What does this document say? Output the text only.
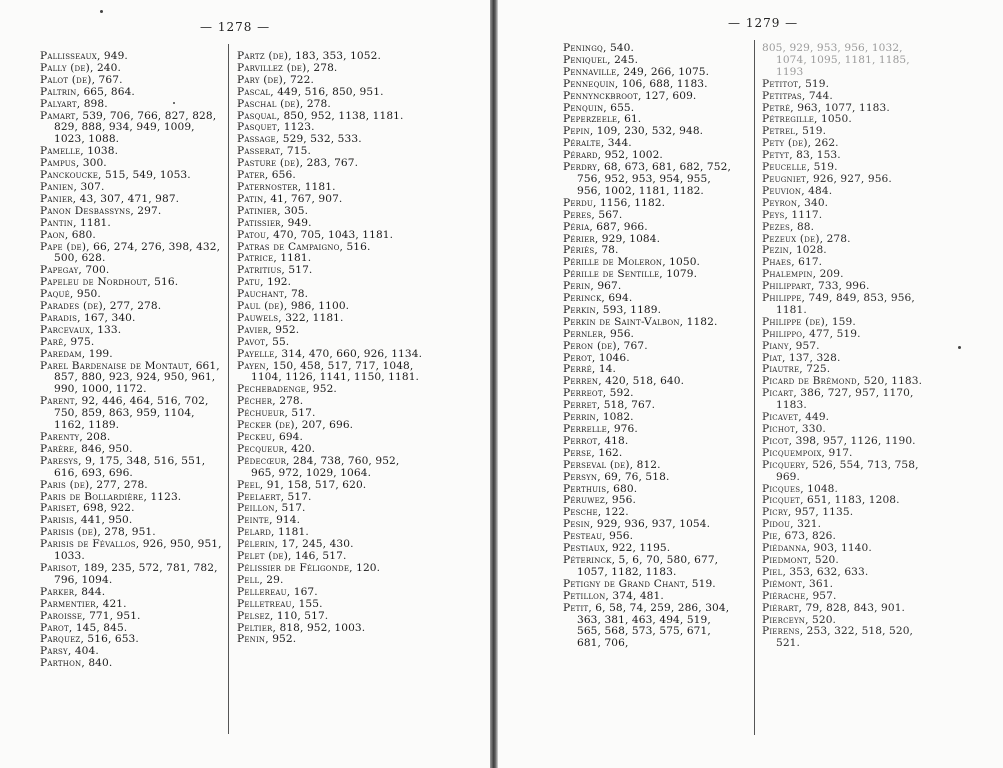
— 1278 —
Pallisseaux, 949.
Pally (de), 240.
Palot (de), 767.
Paltrin, 665, 864.
Palyart, 898.
Pamart, 539, 706, 766, 827, 828, 829, 888, 934, 949, 1009, 1023, 1088.
Pamelle, 1038.
Pampus, 300.
Panckoucke, 515, 549, 1053.
Panien, 307.
Panier, 43, 307, 471, 987.
Panon Desbassyns, 297.
Pantin, 1181.
Paon, 680.
Pape (de), 66, 274, 276, 398, 432, 500, 628.
Papegay, 700.
Papeleu de Nordhout, 516.
Paqué, 950.
Parades (de), 277, 278.
Paradis, 167, 340.
Parcevaux, 133.
Paré, 975.
Paredam, 199.
Parel Bardenaise de Montaut, 661, 857, 880, 923, 924, 950, 961, 990, 1000, 1172.
Parent, 92, 446, 464, 516, 702, 750, 859, 863, 959, 1104, 1162, 1189.
Parenty, 208.
Parère, 846, 950.
Paresys, 9, 175, 348, 516, 551, 616, 693, 696.
Paris (de), 277, 278.
Paris de Bollardière, 1123.
Pariset, 698, 922.
Parisis, 441, 950.
Parisis (de), 278, 951.
Parisis de Févallos, 926, 950, 951, 1033.
Parisot, 189, 235, 572, 781, 782, 796, 1094.
Parker, 844.
Parmentier, 421.
Paroisse, 771, 951.
Parot, 145, 845.
Parquez, 516, 653.
Parsy, 404.
Parthon, 840.
Partz (de), 183, 353, 1052.
Parvillez (de), 278.
Pary (de), 722.
Pascal, 449, 516, 850, 951.
Paschal (de), 278.
Pasqual, 850, 952, 1138, 1181.
Pasquet, 1123.
Passage, 529, 532, 533.
Passerat, 715.
Pasture (de), 283, 767.
Pater, 656.
Paternoster, 1181.
Patin, 41, 767, 907.
Patinier, 305.
Patissier, 949.
Patou, 470, 705, 1043, 1181.
Patras de Campaigno, 516.
Patrice, 1181.
Patritius, 517.
Patu, 192.
Pauchant, 78.
Paul (de), 986, 1100.
Pauwels, 322, 1181.
Pavier, 952.
Pavot, 55.
Payelle, 314, 470, 660, 926, 1134.
Payen, 150, 458, 517, 717, 1048, 1104, 1126, 1141, 1150, 1181.
Pechebadenge, 952.
Pécher, 278.
Péchueur, 517.
Pecker (de), 207, 696.
Peckeu, 694.
Pecqueur, 420.
Pédecœur, 284, 738, 760, 952, 965, 972, 1029, 1064.
Peel, 91, 158, 517, 620.
Peelaert, 517.
Peillon, 517.
Peinte, 914.
Pelard, 1181.
Pélerin, 17, 245, 430.
Pelet (de), 146, 517.
Pélissier de Féligonde, 120.
Pell, 29.
Pellereau, 167.
Pelletreau, 155.
Pelsez, 110, 517.
Peltier, 818, 952, 1003.
Penin, 952.
— 1279 —
Peningq, 540.
Peniquel, 245.
Pennaville, 249, 266, 1075.
Pennequin, 106, 688, 1183.
Pennynckbroot, 127, 609.
Penquin, 655.
Peperzeele, 61.
Pepin, 109, 230, 532, 948.
Péralte, 344.
Pérard, 952, 1002.
Perdry, 68, 673, 681, 682, 752, 756, 952, 953, 954, 955, 956, 1002, 1181, 1182.
Perdu, 1156, 1182.
Peres, 567.
Péria, 687, 966.
Périer, 929, 1084.
Périès, 78.
Pérille de Moleron, 1050.
Pérille de Sentille, 1079.
Perin, 967.
Perinck, 694.
Perkin, 593, 1189.
Perkin de Saint-Valbon, 1182.
Pernler, 956.
Peron (de), 767.
Perot, 1046.
Perré, 14.
Perren, 420, 518, 640.
Perreot, 592.
Perret, 518, 767.
Perrin, 1082.
Perrelle, 976.
Perrot, 418.
Perse, 162.
Perseval (de), 812.
Persyn, 69, 76, 518.
Perthuis, 680.
Péruwez, 956.
Pesche, 122.
Pesin, 929, 936, 937, 1054.
Pesteau, 956.
Pestiaux, 922, 1195.
Péterinck, 5, 6, 70, 580, 677, 1057, 1182, 1183.
Petigny de Grand Chant, 519.
Petillon, 374, 481.
Petit, 6, 58, 74, 259, 286, 304, 363, 381, 463, 494, 519, 565, 568, 573, 575, 671, 681, 706,
805, 929, 953, 956, 1032, 1074, 1095, 1181, 1185, 1193
Petitot, 519.
Petitpas, 744.
Petré, 963, 1077, 1183.
Pétregille, 1050.
Petrel, 519.
Pety (de), 262.
Petyt, 83, 153.
Peucelle, 519.
Peugniet, 926, 927, 956.
Peuvion, 484.
Peyron, 340.
Peys, 1117.
Pezes, 88.
Pezeux (de), 278.
Pezin, 1028.
Phaes, 617.
Phalempin, 209.
Philippart, 733, 996.
Philippe, 749, 849, 853, 956, 1181.
Philippe (de), 159.
Philippo, 477, 519.
Piany, 957.
Piat, 137, 328.
Piautre, 725.
Picard de Brémond, 520, 1183.
Picart, 386, 727, 957, 1170, 1183.
Picavet, 449.
Pichot, 330.
Picot, 398, 957, 1126, 1190.
Picquempoix, 917.
Picquery, 526, 554, 713, 758, 969.
Picques, 1048.
Picquet, 651, 1183, 1208.
Picry, 957, 1135.
Pidou, 321.
Pie, 673, 826.
Piédanna, 903, 1140.
Piedmont, 520.
Piel, 353, 632, 633.
Piémont, 361.
Piérache, 957.
Piérart, 79, 828, 843, 901.
Pierceyn, 520.
Pierens, 253, 322, 518, 520, 521.
